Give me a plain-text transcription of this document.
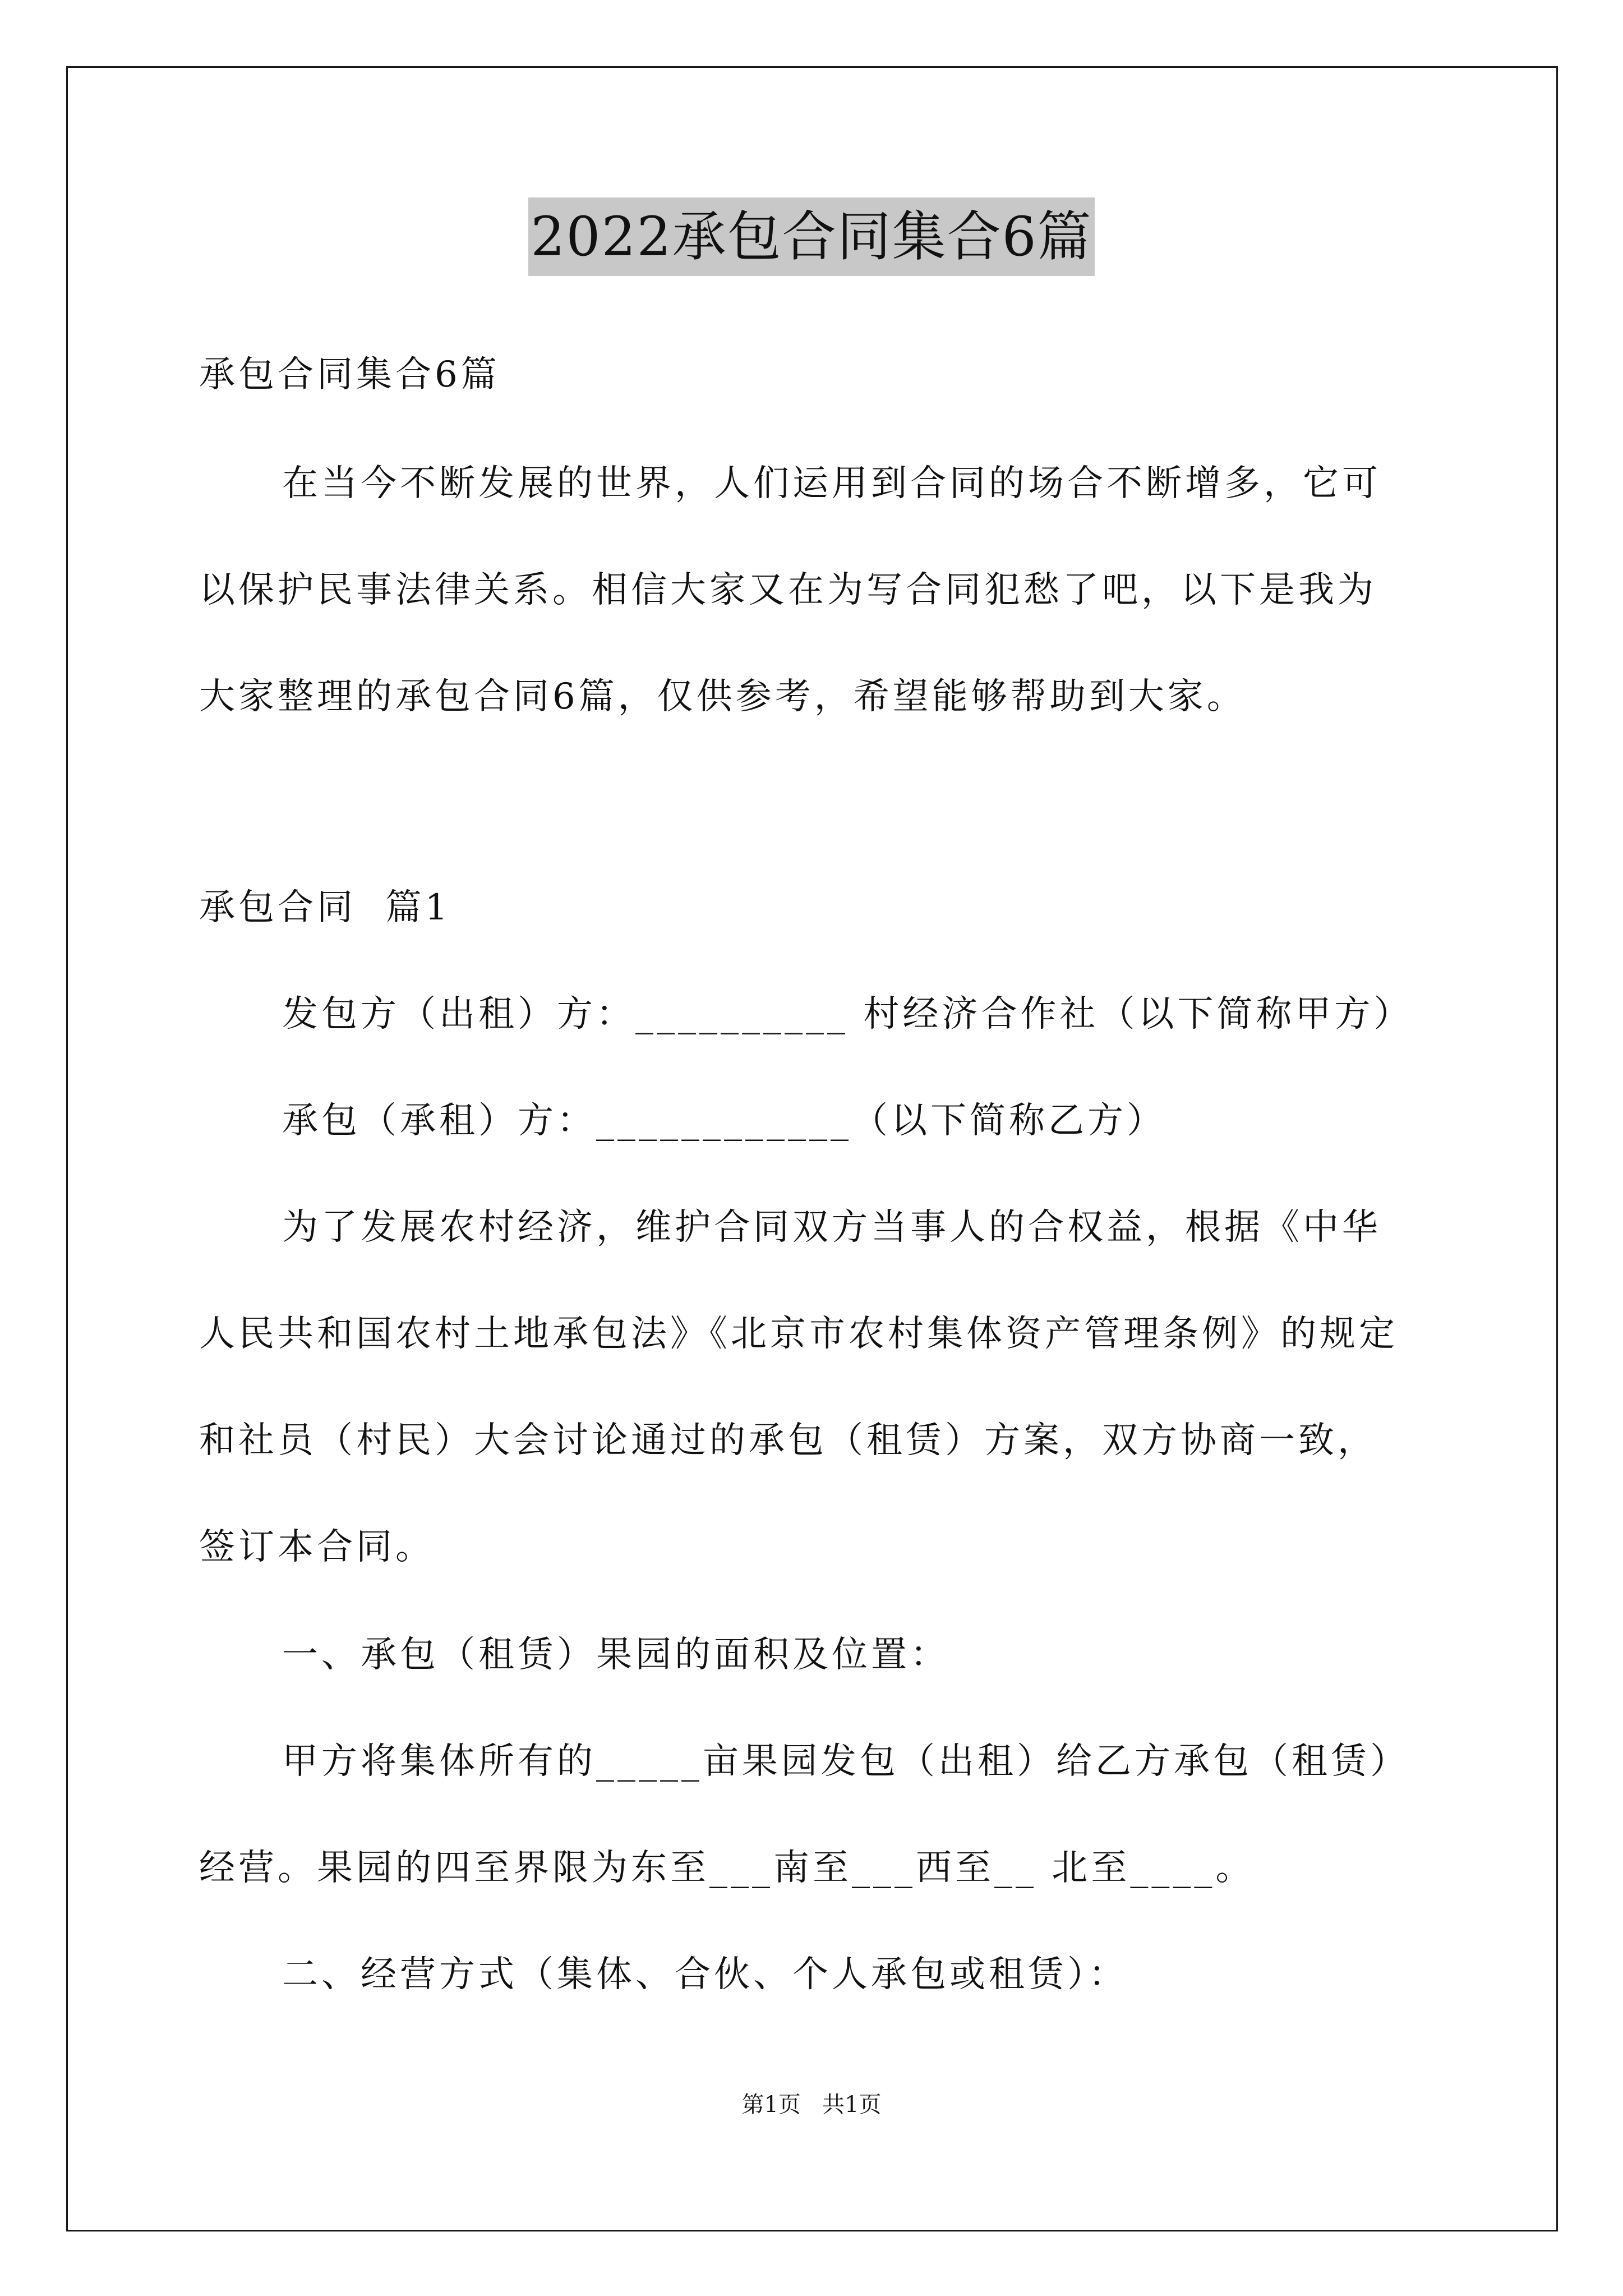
2022承包合同集合6篇
承包合同集合6篇
在当今不断发展的世界，人们运用到合同的场合不断增多，它可
以保护民事法律关系。相信大家又在为写合同犯愁了吧，以下是我为
大家整理的承包合同6篇，仅供参考，希望能够帮助到大家。
承包合同  篇1
发包方（出租）方：__________ 村经济合作社（以下简称甲方）
承包（承租）方：____________（以下简称乙方）
为了发展农村经济，维护合同双方当事人的合权益，根据《中华
人民共和国农村土地承包法》《北京市农村集体资产管理条例》的规定
和社员（村民）大会讨论通过的承包（租赁）方案，双方协商一致，
签订本合同。
一、承包（租赁）果园的面积及位置：
甲方将集体所有的_____亩果园发包（出租）给乙方承包（租赁）
经营。果园的四至界限为东至___南至___西至__ 北至____。
二、经营方式（集体、合伙、个人承包或租赁）：
第1页   共1页
